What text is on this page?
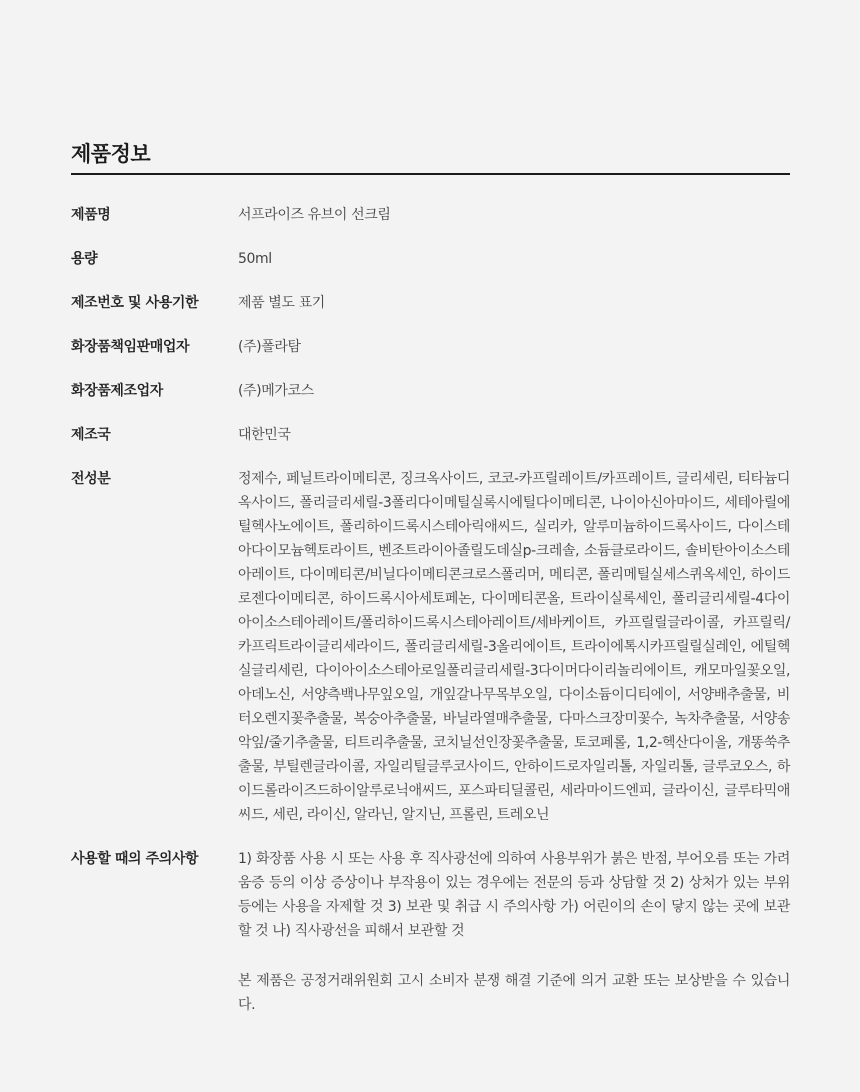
제품정보
제품명	서프라이즈 유브이 선크림
용량	50ml
제조번호 및 사용기한	제품 별도 표기
화장품책임판매업자	(주)폴라탐
화장품제조업자	(주)메가코스
제조국	대한민국
전성분	정제수, 페닐트라이메티콘, 징크옥사이드, 코코-카프릴레이트/카프레이트, 글리세린, 티타늄디옥사이드, 폴리글리세릴-3폴리다이메틸실록시에틸다이메티콘, 나이아신아마이드, 세테아릴에틸헥사노에이트, 폴리하이드록시스테아릭애씨드, 실리카, 알루미늄하이드록사이드, 다이스테아다이모늄헥토라이트, 벤조트라이아졸릴도데실p-크레솔, 소듐클로라이드, 솔비탄아이소스테아레이트, 다이메티콘/비닐다이메티콘크로스폴리머, 메티콘, 폴리메틸실세스퀴옥세인, 하이드로젠다이메티콘, 하이드록시아세토페논, 다이메티콘올, 트라이실록세인, 폴리글리세릴-4다이아이소스테아레이트/폴리하이드록시스테아레이트/세바케이트, 카프릴릴글라이콜, 카프릴릭/카프릭트라이글리세라이드, 폴리글리세릴-3올리에이트, 트라이에톡시카프릴릴실레인, 에틸헥실글리세린, 다이아이소스테아로일폴리글리세릴-3다이머다이리놀리에이트, 캐모마일꽃오일, 아데노신, 서양측백나무잎오일, 개잎갈나무목부오일, 다이소듐이디티에이, 서양배추출물, 비터오렌지꽃추출물, 복숭아추출물, 바닐라열매추출물, 다마스크장미꽃수, 녹차추출물, 서양송악잎/줄기추출물, 티트리추출물, 코치닐선인장꽃추출물, 토코페롤, 1,2-헥산다이올, 개똥쑥추출물, 부틸렌글라이콜, 자일리틸글루코사이드, 안하이드로자일리톨, 자일리톨, 글루코오스, 하이드롤라이즈드하이알루로닉애씨드, 포스파티딜콜린, 세라마이드엔피, 글라이신, 글루타믹애씨드, 세린, 라이신, 알라닌, 알지닌, 프롤린, 트레오닌
사용할 때의 주의사항	1) 화장품 사용 시 또는 사용 후 직사광선에 의하여 사용부위가 붉은 반점, 부어오름 또는 가려움증 등의 이상 증상이나 부작용이 있는 경우에는 전문의 등과 상담할 것 2) 상처가 있는 부위 등에는 사용을 자제할 것 3) 보관 및 취급 시 주의사항 가) 어린이의 손이 닿지 않는 곳에 보관할 것 나) 직사광선을 피해서 보관할 것
본 제품은 공정거래위원회 고시 소비자 분쟁 해결 기준에 의거 교환 또는 보상받을 수 있습니다.
